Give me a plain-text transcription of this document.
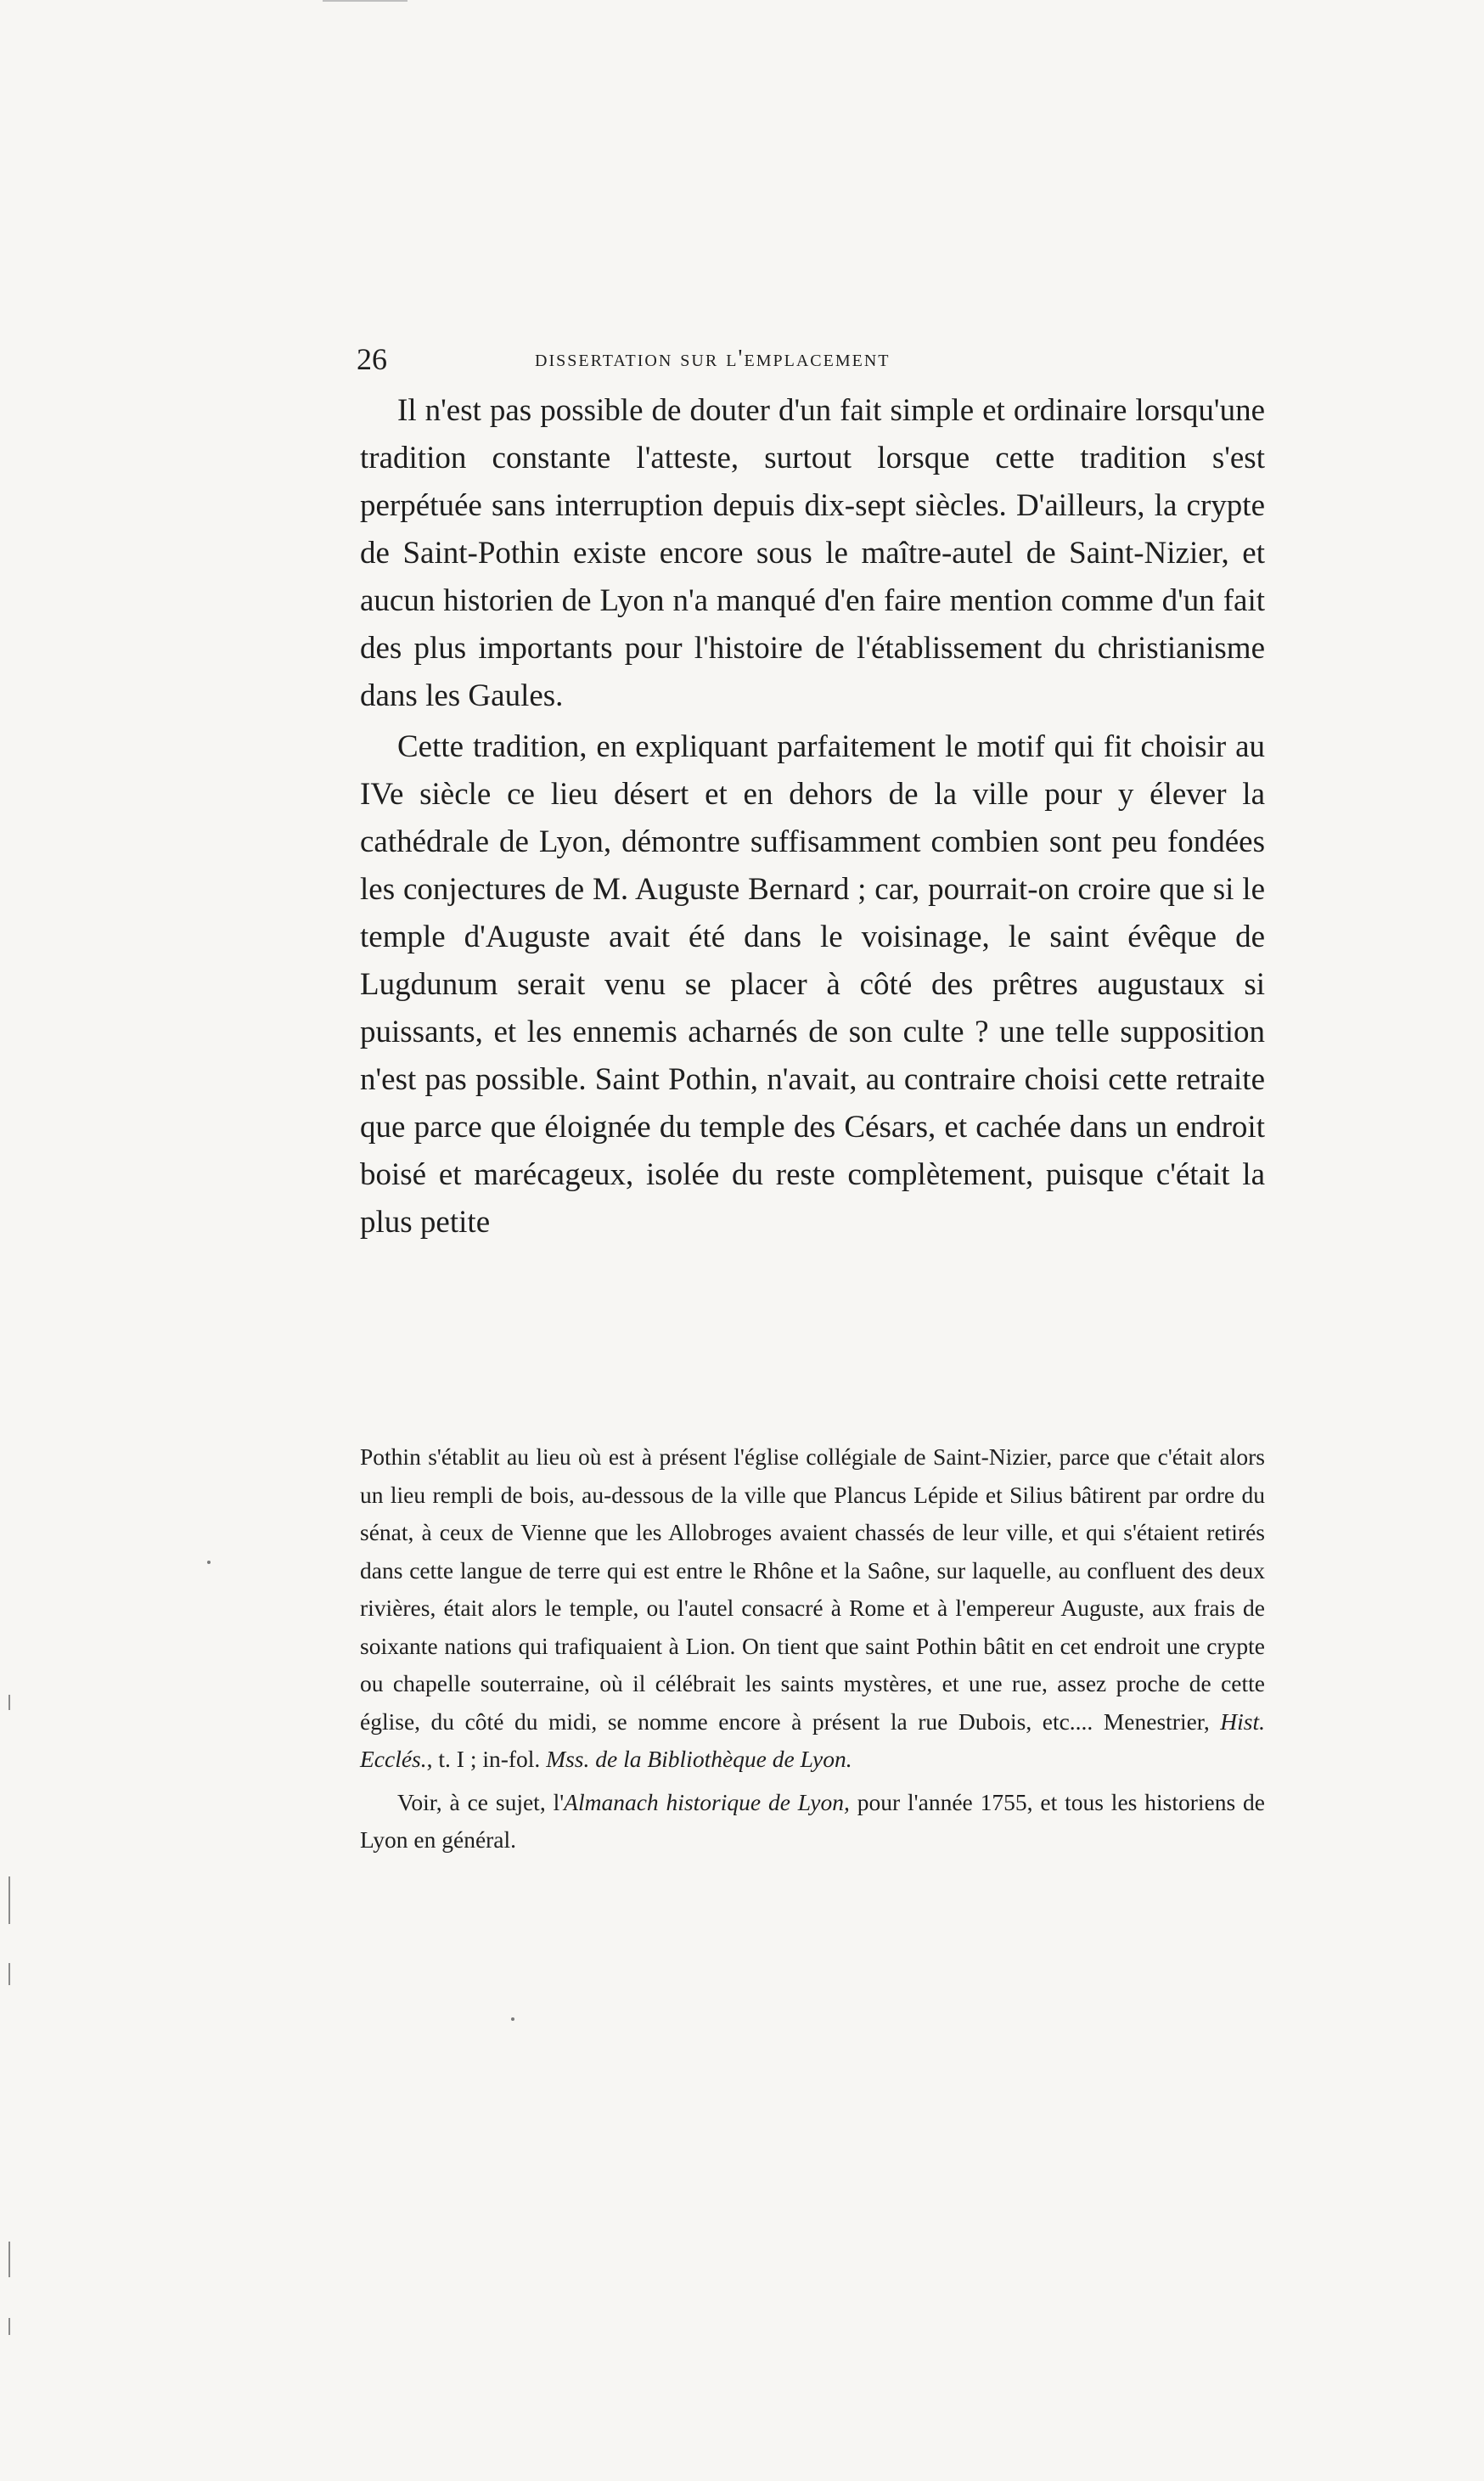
26	dissertation sur l'emplacement

Il n'est pas possible de douter d'un fait simple et ordinaire lorsqu'une tradition constante l'atteste, surtout lorsque cette tradition s'est perpétuée sans interruption depuis dix-sept siècles. D'ailleurs, la crypte de Saint-Pothin existe encore sous le maître-autel de Saint-Nizier, et aucun historien de Lyon n'a manqué d'en faire mention comme d'un fait des plus importants pour l'histoire de l'établissement du christianisme dans les Gaules.

Cette tradition, en expliquant parfaitement le motif qui fit choisir au IVe siècle ce lieu désert et en dehors de la ville pour y élever la cathédrale de Lyon, démontre suffisamment combien sont peu fondées les conjectures de M. Auguste Bernard ; car, pourrait-on croire que si le temple d'Auguste avait été dans le voisinage, le saint évêque de Lugdunum serait venu se placer à côté des prêtres augustaux si puissants, et les ennemis acharnés de son culte ? une telle supposition n'est pas possible. Saint Pothin, n'avait, au contraire choisi cette retraite que parce que éloignée du temple des Césars, et cachée dans un endroit boisé et marécageux, isolée du reste complètement, puisque c'était la plus petite

Pothin s'établit au lieu où est à présent l'église collégiale de Saint-Nizier, parce que c'était alors un lieu rempli de bois, au-dessous de la ville que Plancus Lépide et Silius bâtirent par ordre du sénat, à ceux de Vienne que les Allobroges avaient chassés de leur ville, et qui s'étaient retirés dans cette langue de terre qui est entre le Rhône et la Saône, sur laquelle, au confluent des deux rivières, était alors le temple, ou l'autel consacré à Rome et à l'empereur Auguste, aux frais de soixante nations qui trafiquaient à Lion. On tient que saint Pothin bâtit en cet endroit une crypte ou chapelle souterraine, où il célébrait les saints mystères, et une rue, assez proche de cette église, du côté du midi, se nomme encore à présent la rue Dubois, etc.... Menestrier, Hist. Ecclés., t. I ; in-fol. Mss. de la Bibliothèque de Lyon.

Voir, à ce sujet, l'Almanach historique de Lyon, pour l'année 1755, et tous les historiens de Lyon en général.
